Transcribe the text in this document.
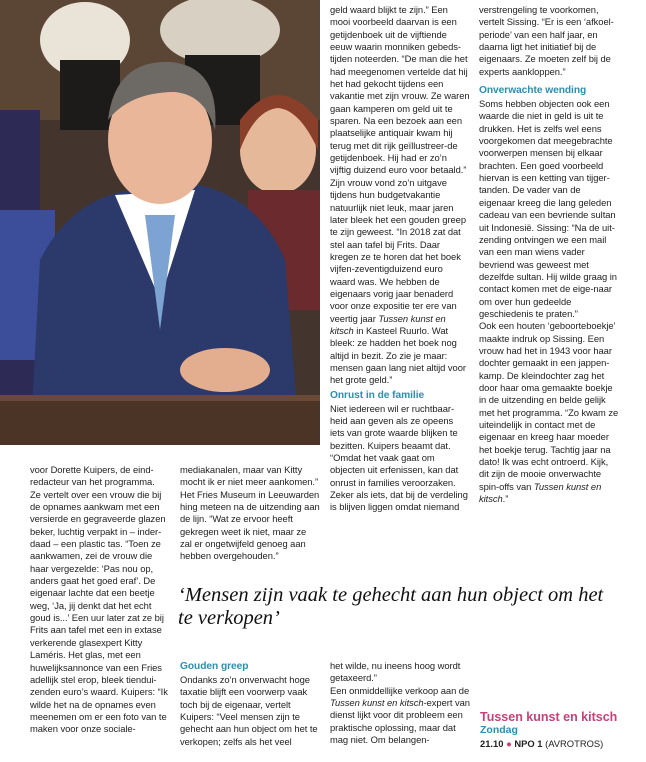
geld waard blijkt te zijn.” Een mooi voorbeeld daarvan is een getijdenboek uit de vijftiende eeuw waarin monniken gebeds-tijden noteerden. “De man die het had meegenomen vertelde dat hij het had gekocht tijdens een vakantie met zijn vrouw. Ze waren gaan kamperen om geld uit te sparen. Na een bezoek aan een plaatselijke antiquair kwam hij terug met dit rijk geïllustreer-de getijdenboek. Hij had er zo’n vijftig duizend euro voor betaald.” Zijn vrouw vond zo’n uitgave tijdens hun budgetvakantie natuurlijk niet leuk, maar jaren later bleek het een gouden greep te zijn geweest. “In 2018 zat dat stel aan tafel bij Frits. Daar kregen ze te horen dat het boek vijfen-zeventigduizend euro waard was. We hebben de eigenaars vorig jaar benaderd voor onze expositie ter ere van veertig jaar Tussen kunst en kitsch in Kasteel Ruurlo. Wat bleek: ze hadden het boek nog altijd in bezit. Zo zie je maar: mensen gaan lang niet altijd voor het grote geld.”

Onrust in de familie

Niet iedereen wil er ruchtbaar-heid aan geven als ze opeens iets van grote waarde blijken te bezitten. Kuipers beaamt dat. “Omdat het vaak gaat om objecten uit erfenissen, kan dat onrust in families veroorzaken. Zeker als iets, dat bij de verdeling is blijven liggen omdat niemand

verstrengeling te voorkomen, vertelt Sissing. “Er is een ‘afkoel-periode’ van een half jaar, en daarna ligt het initiatief bij de eigenaars. Ze moeten zelf bij de experts aankloppen.”

Onverwachte wending

Soms hebben objecten ook een waarde die niet in geld is uit te drukken. Het is zelfs wel eens voorgekomen dat meegebrachte voorwerpen mensen bij elkaar brachten. Een goed voorbeeld hiervan is een ketting van tijger-tanden. De vader van de eigenaar kreeg die lang geleden cadeau van een bevriende sultan uit Indonesië. Sissing: “Na de uit-zending ontvingen we een mail van een man wiens vader bevriend was geweest met dezelfde sultan. Hij wilde graag in contact komen met de eige-naar om over hun gedeelde geschiedenis te praten.”

Ook een houten ‘geboorteboekje’ maakte indruk op Sissing. Een vrouw had het in 1943 voor haar dochter gemaakt in een jappen-kamp. De kleindochter zag het door haar oma gemaakte boekje in de uitzending en belde gelijk met het programma. “Zo kwam ze uiteindelijk in contact met de eigenaar en kreeg haar moeder het boekje terug. Tachtig jaar na dato! Ik was echt ontroerd. Kijk, dit zijn de mooie onverwachte spin-offs van Tussen kunst en kitsch.”

voor Dorette Kuipers, de eind-redacteur van het programma. Ze vertelt over een vrouw die bij de opnames aankwam met een versierde en gegraveerde glazen beker, luchtig verpakt in – inder-daad – een plastic tas. “Toen ze aankwamen, zei de vrouw die haar vergezelde: ‘Pas nou op, anders gaat het goed eraf’. De eigenaar lachte dat een beetje weg, ‘Ja, jij denkt dat het echt goud is...’ Een uur later zat ze bij Frits aan tafel met een in extase verkerende glasexpert Kitty Laméris. Het glas, met een huwelijksannonce van een Fries adellijk stel erop, bleek tiendui-zenden euro’s waard. Kuipers: “Ik wilde het na de opnames even meenemen om er een foto van te maken voor onze sociale-

mediakanalen, maar van Kitty mocht ik er niet meer aankomen.” Het Fries Museum in Leeuwarden hing meteen na de uitzending aan de lijn. “Wat ze ervoor heeft gekregen weet ik niet, maar ze zal er ongetwijfeld genoeg aan hebben overgehouden.”

‘Mensen zijn vaak te gehecht aan hun object om het te verkopen’
Gouden greep

Ondanks zo’n onverwacht hoge taxatie blijft een voorwerp vaak toch bij de eigenaar, vertelt Kuipers: “Veel mensen zijn te gehecht aan hun object om het te verkopen; zelfs als het veel

het wilde, nu ineens hoog wordt getaxeerd.”

Een onmiddellijke verkoop aan de Tussen kunst en kitsch-expert van dienst lijkt voor dit probleem een praktische oplossing, maar dat mag niet. Om belangen-

Tussen kunst en kitsch
Zondag
21.10 ● NPO 1 (AVROTROS)
